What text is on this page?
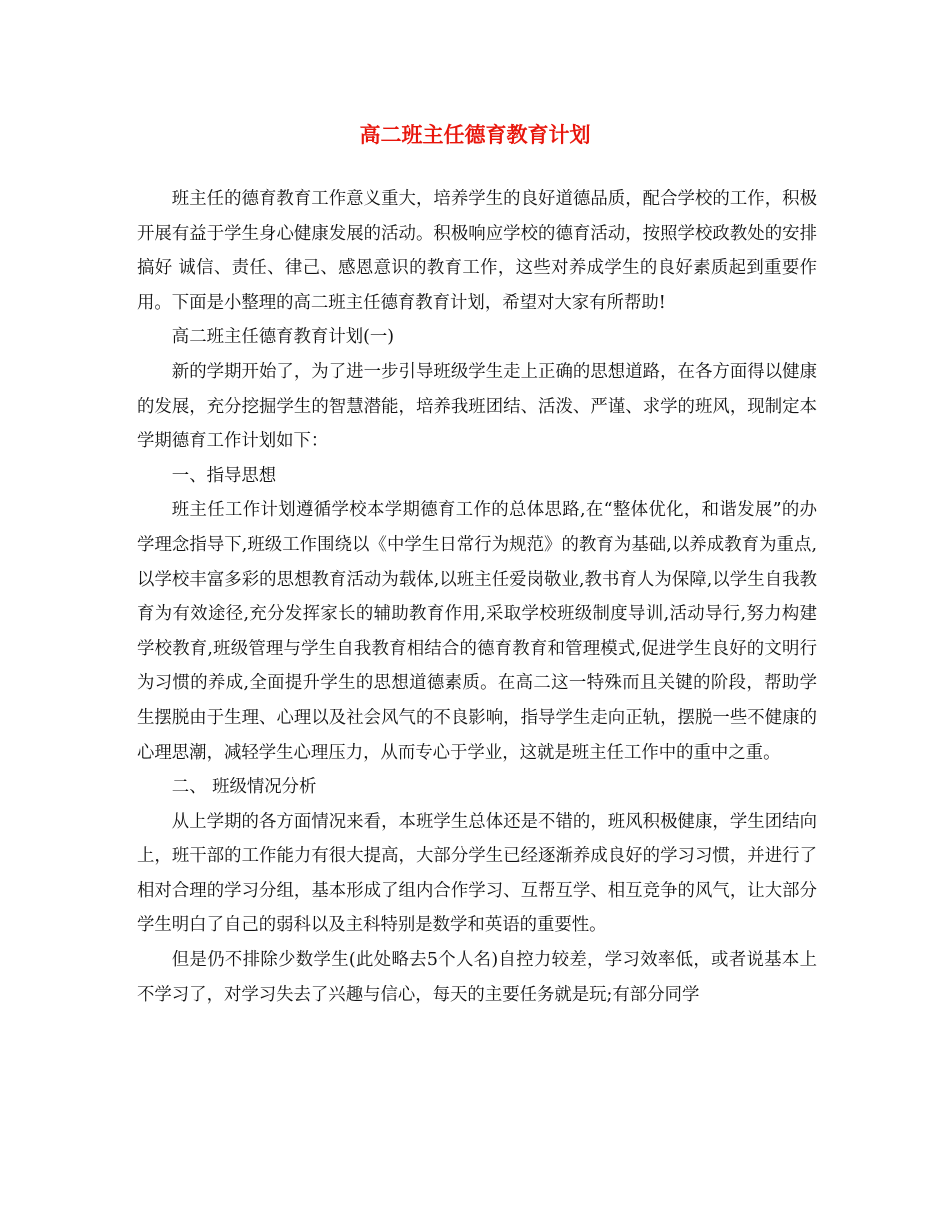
高二班主任德育教育计划

班主任的德育教育工作意义重大，培养学生的良好道德品质，配合学校的工作，积极开展有益于学生身心健康发展的活动。积极响应学校的德育活动，按照学校政教处的安排搞好 诚信、责任、律己、感恩意识的教育工作，这些对养成学生的良好素质起到重要作用。下面是小整理的高二班主任德育教育计划，希望对大家有所帮助!

高二班主任德育教育计划(一)

新的学期开始了，为了进一步引导班级学生走上正确的思想道路，在各方面得以健康的发展，充分挖掘学生的智慧潜能，培养我班团结、活泼、严谨、求学的班风，现制定本学期德育工作计划如下：

一、指导思想

班主任工作计划遵循学校本学期德育工作的总体思路,在“整体优化，和谐发展”的办学理念指导下,班级工作围绕以《中学生日常行为规范》的教育为基础,以养成教育为重点,以学校丰富多彩的思想教育活动为载体,以班主任爱岗敬业,教书育人为保障,以学生自我教育为有效途径,充分发挥家长的辅助教育作用,采取学校班级制度导训,活动导行,努力构建学校教育,班级管理与学生自我教育相结合的德育教育和管理模式,促进学生良好的文明行为习惯的养成,全面提升学生的思想道德素质。在高二这一特殊而且关键的阶段，帮助学生摆脱由于生理、心理以及社会风气的不良影响，指导学生走向正轨，摆脱一些不健康的心理思潮，减轻学生心理压力，从而专心于学业，这就是班主任工作中的重中之重。

二、 班级情况分析

从上学期的各方面情况来看，本班学生总体还是不错的，班风积极健康，学生团结向上，班干部的工作能力有很大提高，大部分学生已经逐渐养成良好的学习习惯，并进行了相对合理的学习分组，基本形成了组内合作学习、互帮互学、相互竞争的风气，让大部分学生明白了自己的弱科以及主科特别是数学和英语的重要性。

但是仍不排除少数学生(此处略去5个人名)自控力较差，学习效率低，或者说基本上不学习了，对学习失去了兴趣与信心，每天的主要任务就是玩;有部分同学
